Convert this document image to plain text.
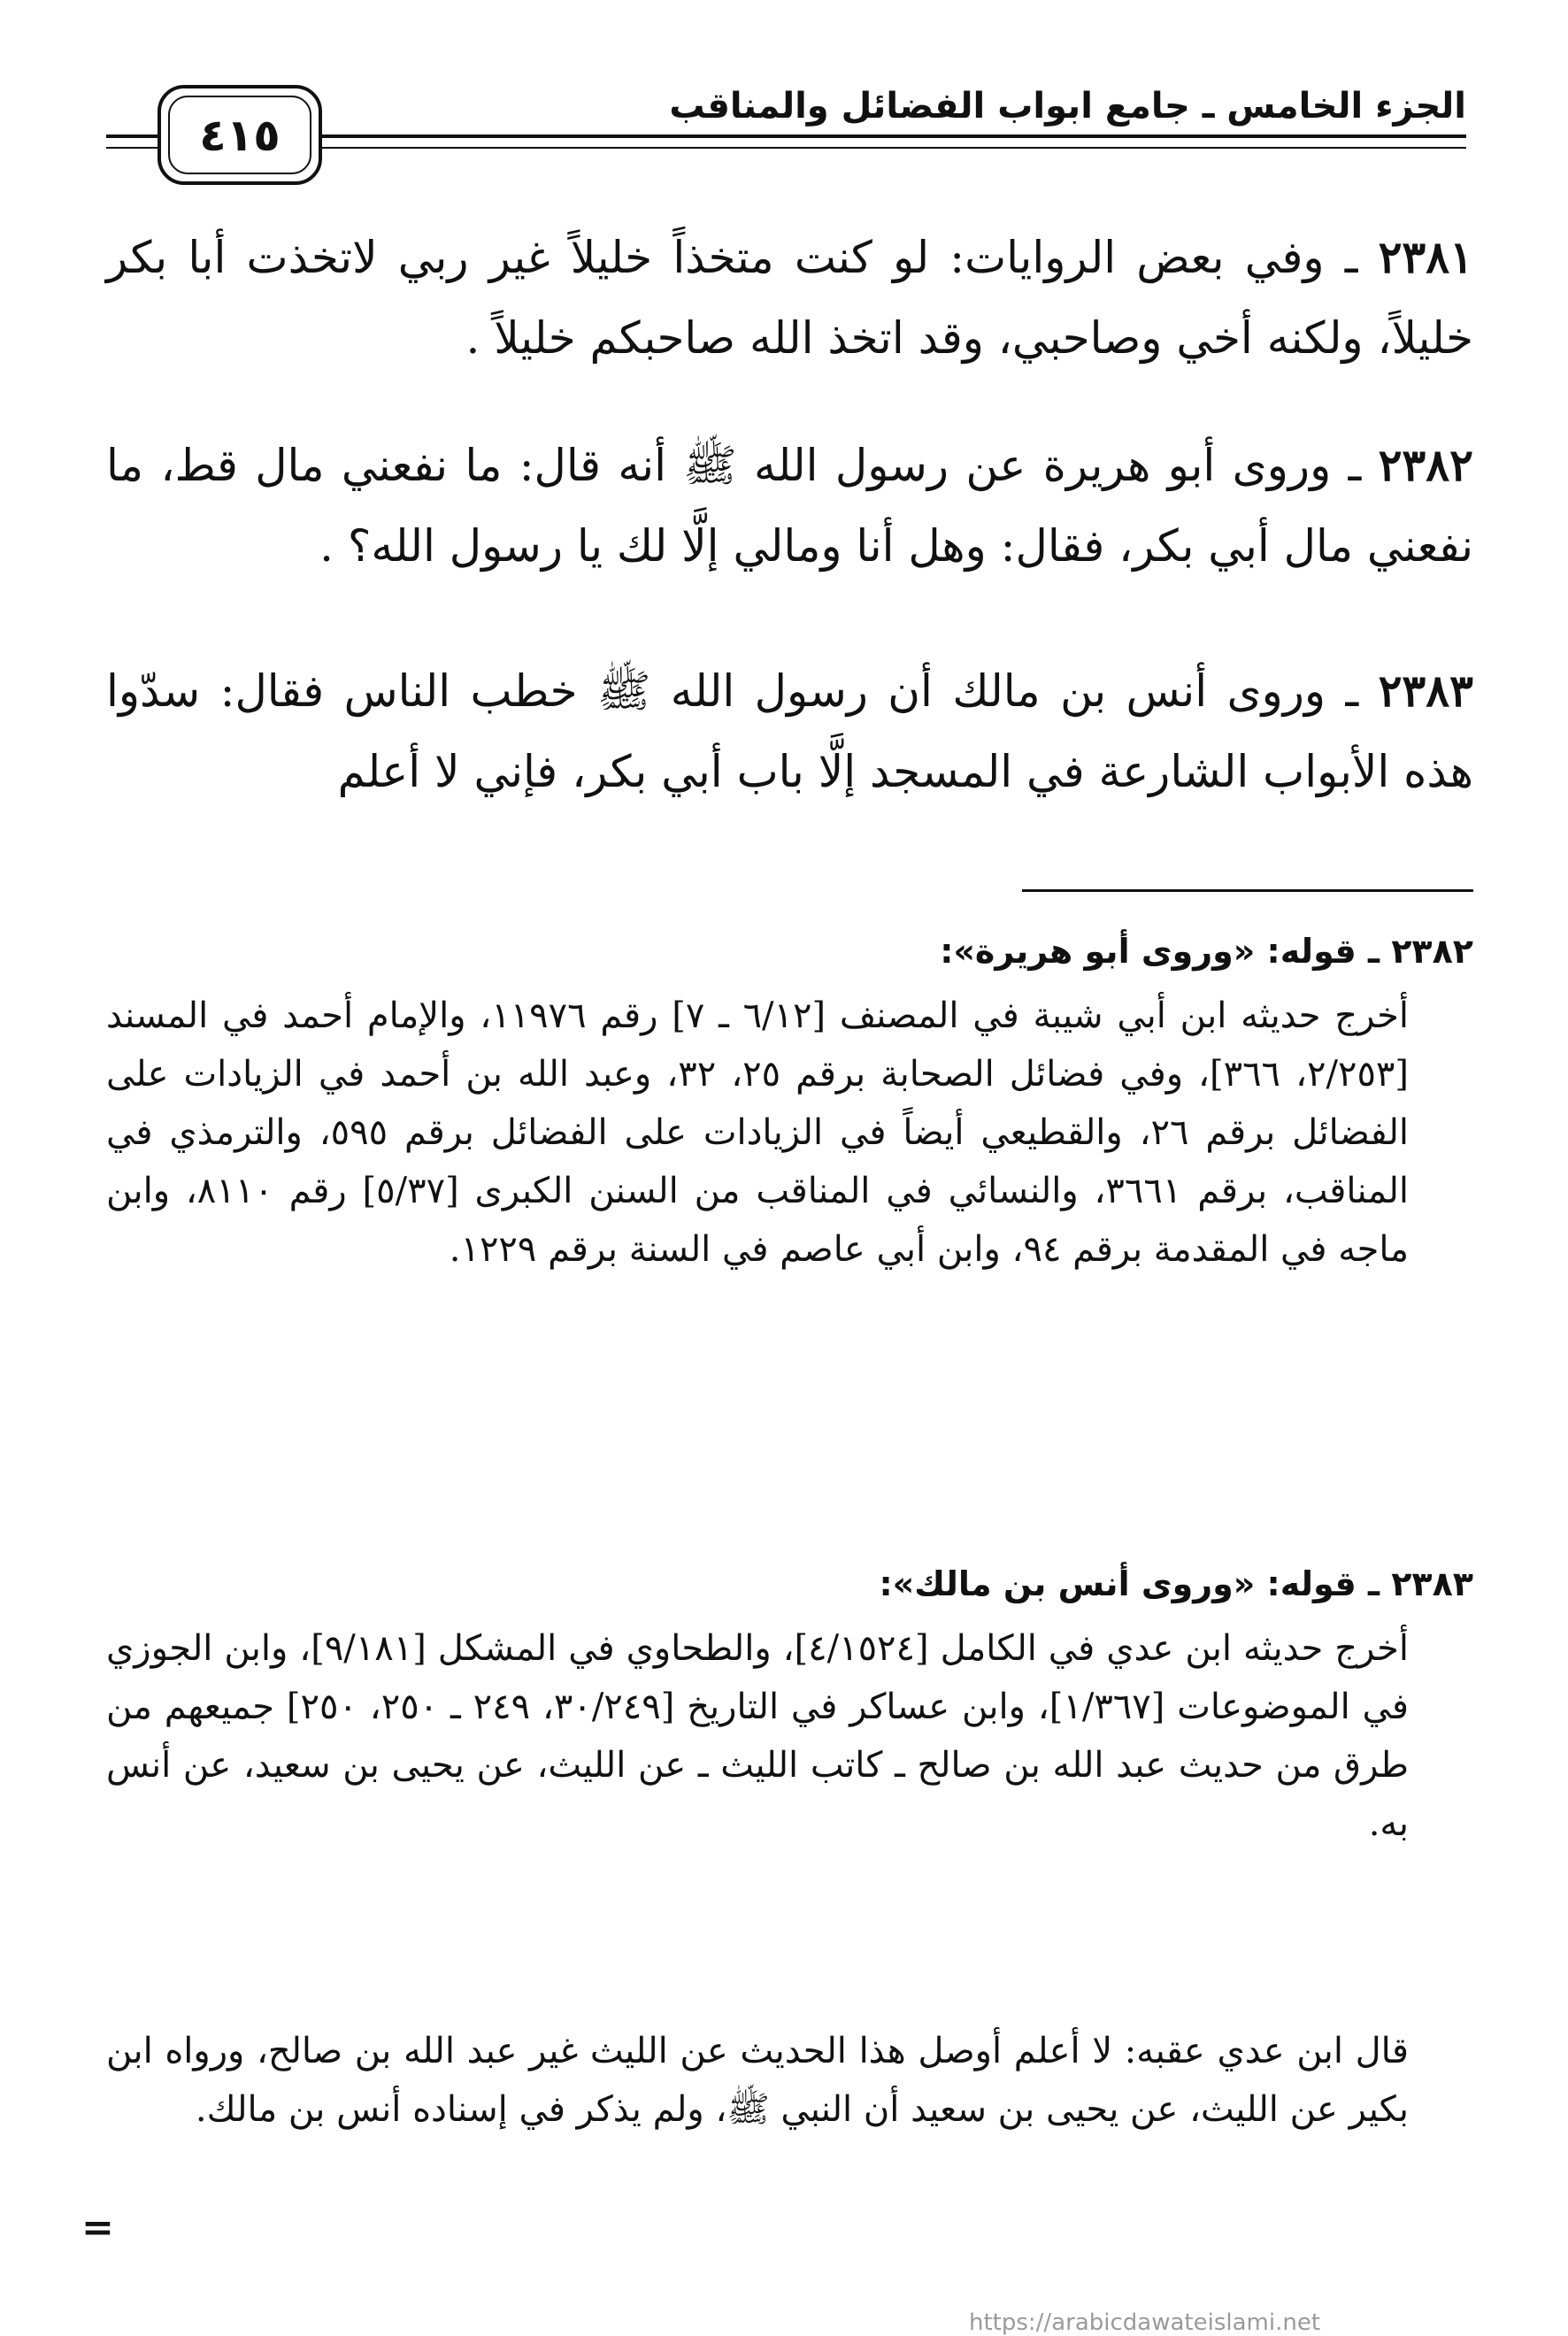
الجزء الخامس ـ جامع ابواب الفضائل والمناقب
٤١٥
٢٣٨١ ـ وفي بعض الروايات: لو كنت متخذاً خليلاً غير ربي لاتخذت أبا بكر خليلاً، ولكنه أخي وصاحبي، وقد اتخذ الله صاحبكم خليلاً .
٢٣٨٢ ـ وروى أبو هريرة عن رسول الله ﷺ أنه قال: ما نفعني مال قط، ما نفعني مال أبي بكر، فقال: وهل أنا ومالي إلَّا لك يا رسول الله؟ .
٢٣٨٣ ـ وروى أنس بن مالك أن رسول الله ﷺ خطب الناس فقال: سدّوا هذه الأبواب الشارعة في المسجد إلَّا باب أبي بكر، فإني لا أعلم
٢٣٨٢ ـ قوله: «وروى أبو هريرة»:
أخرج حديثه ابن أبي شيبة في المصنف [٦/١٢ ـ ٧] رقم ١١٩٧٦، والإمام أحمد في المسند [٢/٢٥٣، ٣٦٦]، وفي فضائل الصحابة برقم ٢٥، ٣٢، وعبد الله بن أحمد في الزيادات على الفضائل برقم ٢٦، والقطيعي أيضاً في الزيادات على الفضائل برقم ٥٩٥، والترمذي في المناقب، برقم ٣٦٦١، والنسائي في المناقب من السنن الكبرى [٥/٣٧] رقم ٨١١٠، وابن ماجه في المقدمة برقم ٩٤، وابن أبي عاصم في السنة برقم ١٢٢٩.
٢٣٨٣ ـ قوله: «وروى أنس بن مالك»:
أخرج حديثه ابن عدي في الكامل [٤/١٥٢٤]، والطحاوي في المشكل [٩/١٨١]، وابن الجوزي في الموضوعات [١/٣٦٧]، وابن عساكر في التاريخ [٣٠/٢٤٩، ٢٤٩ ـ ٢٥٠، ٢٥٠] جميعهم من طرق من حديث عبد الله بن صالح ـ كاتب الليث ـ عن الليث، عن يحيى بن سعيد، عن أنس به.
قال ابن عدي عقبه: لا أعلم أوصل هذا الحديث عن الليث غير عبد الله بن صالح، ورواه ابن بكير عن الليث، عن يحيى بن سعيد أن النبي ﷺ، ولم يذكر في إسناده أنس بن مالك.
=
https://arabicdawateislami.net
